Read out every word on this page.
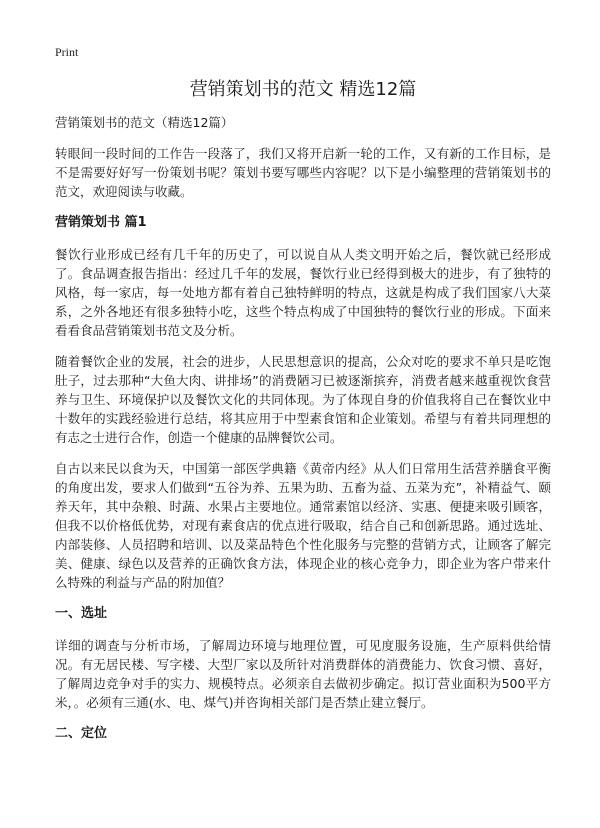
Print
营销策划书的范文 精选12篇
营销策划书的范文（精选12篇）

转眼间一段时间的工作告一段落了，我们又将开启新一轮的工作，又有新的工作目标，是不是需要好好写一份策划书呢？策划书要写哪些内容呢？以下是小编整理的营销策划书的范文，欢迎阅读与收藏。

营销策划书 篇1

餐饮行业形成已经有几千年的历史了，可以说自从人类文明开始之后，餐饮就已经形成了。食品调查报告指出：经过几千年的发展，餐饮行业已经得到极大的进步，有了独特的风格，每一家店，每一处地方都有着自己独特鲜明的特点，这就是构成了我们国家八大菜系，之外各地还有很多独特小吃，这些个特点构成了中国独特的餐饮行业的形成。下面来看看食品营销策划书范文及分析。

随着餐饮企业的发展，社会的进步，人民思想意识的提高，公众对吃的要求不单只是吃饱肚子，过去那种“大鱼大肉、讲排场”的消费陋习已被逐渐摈弃，消费者越来越重视饮食营养与卫生、环境保护以及餐饮文化的共同体现。为了体现自身的价值我将自己在餐饮业中十数年的实践经验进行总结，将其应用于中型素食馆和企业策划。希望与有着共同理想的有志之士进行合作，创造一个健康的品牌餐饮公司。

自古以来民以食为天，中国第一部医学典籍《黄帝内经》从人们日常用生活营养膳食平衡的角度出发，要求人们做到“五谷为养、五果为助、五畜为益、五菜为充”，补精益气、颐养天年，其中杂粮、时蔬、水果占主要地位。通常素馆以经济、实惠、便捷来吸引顾客，但我不以价格低优势，对现有素食店的优点进行吸取，结合自己和创新思路。通过选址、内部装修、人员招聘和培训、以及菜品特色个性化服务与完整的营销方式，让顾客了解完美、健康、绿色以及营养的正确饮食方法，体现企业的核心竞争力，即企业为客户带来什么特殊的利益与产品的附加值？

一、选址

详细的调查与分析市场，了解周边环境与地理位置，可见度服务设施，生产原料供给情况。有无居民楼、写字楼、大型厂家以及所针对消费群体的消费能力、饮食习惯、喜好，了解周边竞争对手的实力、规模特点。必须亲自去做初步确定。拟订营业面积为500平方米，。必须有三通(水、电、煤气)并咨询相关部门是否禁止建立餐厅。

二、定位
